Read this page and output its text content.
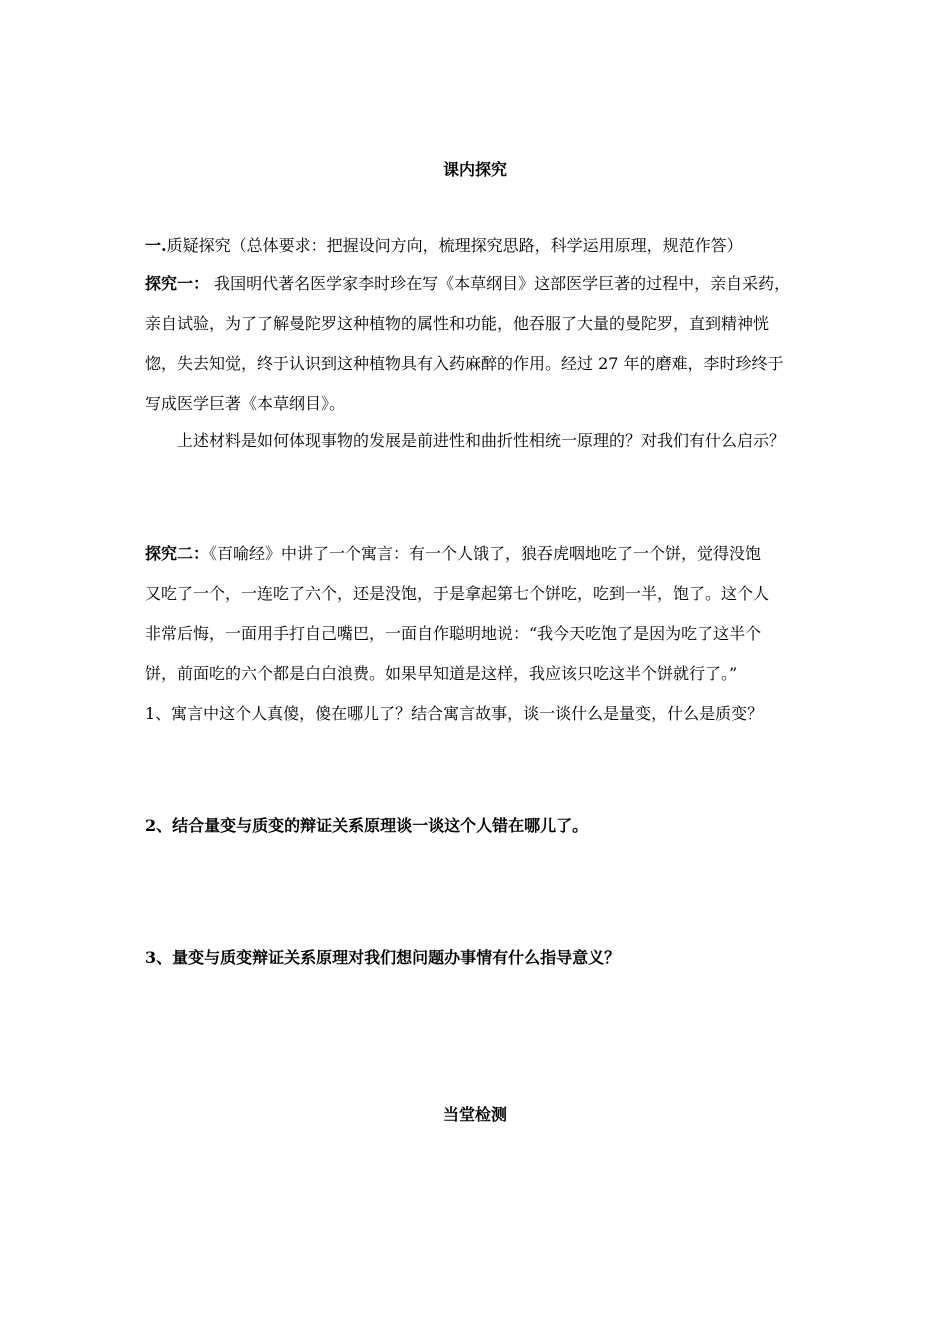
课内探究
一.质疑探究（总体要求：把握设问方向，梳理探究思路，科学运用原理，规范作答）
探究一： 我国明代著名医学家李时珍在写《本草纲目》这部医学巨著的过程中，亲自采药，
亲自试验，为了了解曼陀罗这种植物的属性和功能，他吞服了大量的曼陀罗，直到精神恍
惚，失去知觉，终于认识到这种植物具有入药麻醉的作用。经过 27 年的磨难，李时珍终于
写成医学巨著《本草纲目》。
上述材料是如何体现事物的发展是前进性和曲折性相统一原理的？对我们有什么启示？
探究二：《百喻经》中讲了一个寓言：有一个人饿了，狼吞虎咽地吃了一个饼，觉得没饱
又吃了一个，一连吃了六个，还是没饱，于是拿起第七个饼吃，吃到一半，饱了。这个人
非常后悔，一面用手打自己嘴巴，一面自作聪明地说：“我今天吃饱了是因为吃了这半个
饼，前面吃的六个都是白白浪费。如果早知道是这样，我应该只吃这半个饼就行了。”
1、寓言中这个人真傻，傻在哪儿了？结合寓言故事，谈一谈什么是量变，什么是质变？
2、结合量变与质变的辩证关系原理谈一谈这个人错在哪儿了。
3、量变与质变辩证关系原理对我们想问题办事情有什么指导意义？
当堂检测
